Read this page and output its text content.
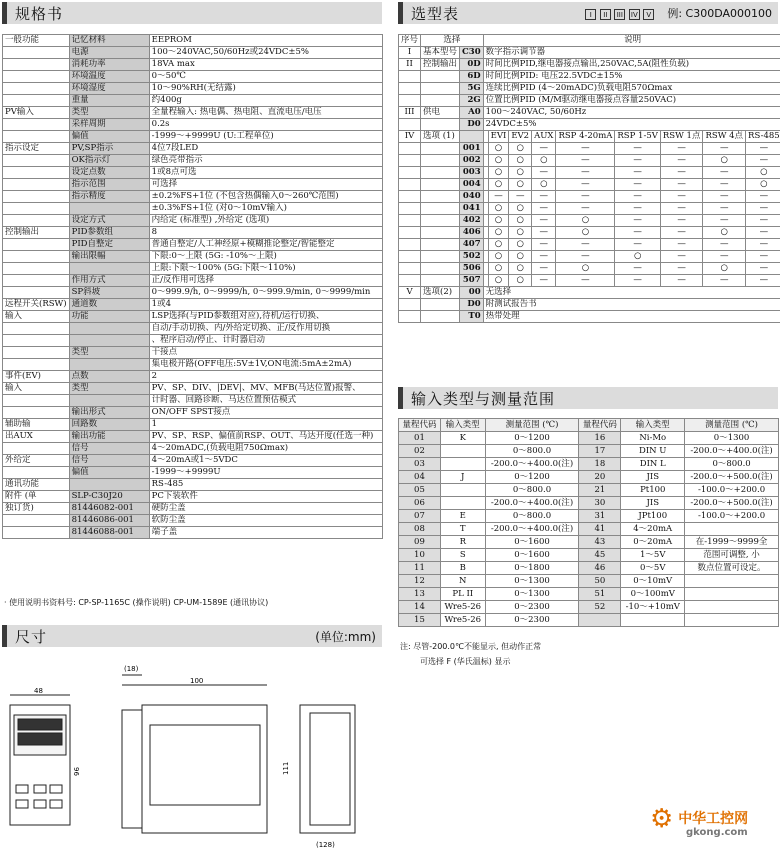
规格书	选型表	I II III IV V
例: C300DA000100
一般功能	记忆材料	EEPROM
	电源	100～240VAC,50/60Hz或24VDC±5%
	消耗功率	18VA max
	环境温度	0～50℃
	环境湿度	10～90%RH(无结露)
	重量	约400g
PV输入	类型	全量程输入: 热电偶、热电阻、直流电压/电压
	采样周期	0.2s
	偏值	-1999～+9999U (U:工程单位)
指示设定	PV,SP指示	4位7段LED
	OK指示灯	绿色亮带指示
	设定点数	1或8点可选
	指示范围	可选择
	指示精度	±0.2%FS+1位 (不包含热偶输入0～260℃范围)
		±0.3%FS+1位 (对0～10mV输入)
	设定方式	内给定 (标准型) ,外给定 (选项)
控制输出	PID参数组	8
	PID自整定	普通自整定/人工神经原+模糊推论整定/智能整定
	输出限幅	下限:0～上限 (5G: -10%～上限)
		上限:下限～100% (5G:下限～110%)
	作用方式	正/反作用可选择
	SP斜坡	0～999.9/h, 0～9999/h, 0～999.9/min, 0～9999/min
远程开关(RSW)	通道数	1或4
输入	功能	LSP选择(与PID参数组对应),待机/运行切换、
		自动/手动切换、内/外给定切换、正/反作用切换
		、程序启动/停止、计时器启动
	类型	干接点
		集电极开路(OFF电压:5V±1V,ON电流:5mA±2mA)
事件(EV)	点数	2
输入	类型	PV、SP、DIV、|DEV|、MV、MFB(马达位置)报警、
		计时器、回路诊断、马达位置预估模式
	输出形式	ON/OFF SPST接点
辅助输	回路数	1
出AUX	输出功能	PV、SP、RSP、偏值前RSP、OUT、马达开度(任选一种)
	信号	4～20mADC,(负载电阻750Ωmax)
外给定	信号	4～20mA或1～5VDC
	偏值	-1999～+9999U
通讯功能		RS-485
附件 (单	SLP-C30J20	PC下装软件
独订货)	81446082-001	硬防尘盖
	81446086-001	软防尘盖
	81446088-001	端子盖
· 使用说明书资料号: CP-SP-1165C (操作说明) CP-UM-1589E (通讯协议)
序号	选择		说明								
I	基本型号	C30	数字指示调节器								
II	控制输出	0D	时间比例PID,继电器接点输出,250VAC,5A(阻性负载)								
		6D	时间比例PID: 电压22.5VDC±15%								
		5G	连续比例PID (4～20mADC)负载电阻570Ωmax								
		2G	位置比例PID (M/M驱动继电器接点容量250VAC)								
III	供电	A0	100～240VAC, 50/60Hz								
		D0	24VDC±5%								
IV	选项 (1)			EVI	EV2	AUX	RSP 4-20mA	RSP 1-5V	RSW 1点	RSW 4点	RS-485
		001		○	○	—	—	—	—	—	—
		002		○	○	○	—	—	—	○	—
		003		○	○	—	—	—	—	—	○
		004		○	○	○	—	—	—	—	○
		040		—	—	—	—	—	—	—	—
		041		○	○	—	—	—	—	—	—
		402		○	○	—	○	—	—	—	—
		406		○	○	—	○	—	—	○	—
		407		○	○	—	—	—	—	—	—
		502		○	○	—	—	○	—	—	—
		506		○	○	—	○	—	—	○	—
		507		○	○	—	—	—	—	—	—
V	选项(2)	00	无选择								
		D0	附测试报告书								
		T0	热带处理								
输入类型与测量范围
量程代码	输入类型	测量范围 (℃)	量程代码	输入类型	测量范围 (℃)
01	K	0～1200	16	Ni-Mo	0～1300
02		0～800.0	17	DIN U	-200.0～+400.0(注)
03		-200.0～+400.0(注)	18	DIN L	0～800.0
04	J	0～1200	20	JIS	-200.0～+500.0(注)
05		0～800.0	21	Pt100	-100.0～+200.0
06		-200.0～+400.0(注)	30	JIS	-200.0～+500.0(注)
07	E	0～800.0	31	JPt100	-100.0～+200.0
08	T	-200.0～+400.0(注)	41	4～20mA	
09	R	0～1600	43	0～20mA	在-1999～9999全
10	S	0～1600	45	1～5V	范围可调整, 小
11	B	0～1800	46	0～5V	数点位置可设定。
12	N	0～1300	50	0～10mV	
13	PL II	0～1300	51	0～100mV	
14	Wre5-26	0～2300	52	-10～+10mV	
15	Wre5-26	0～2300			
注: 尽管-200.0℃不能显示, 但动作正常
可选择 F (华氏温标) 显示
尺寸	(单位:mm)
48
96
(18)
100
111
(128)
⚙ 中华工控网
gkong.com
